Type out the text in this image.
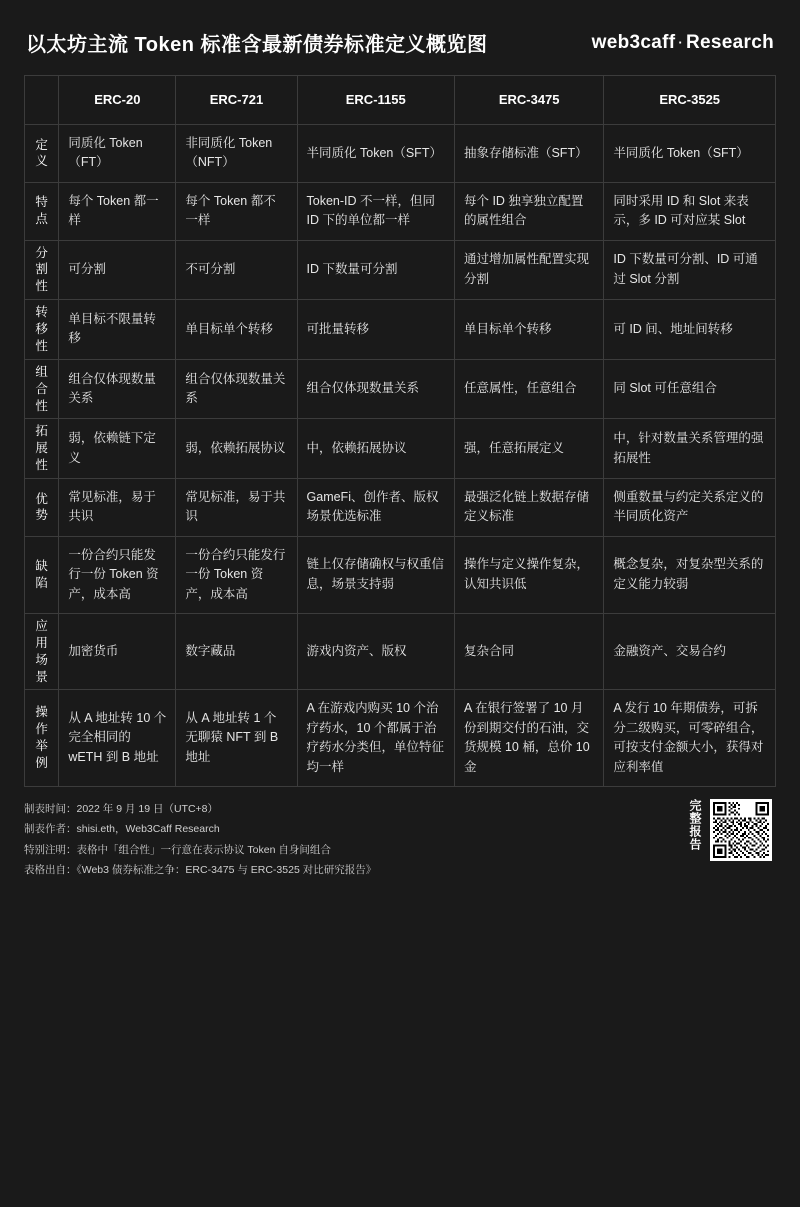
以太坊主流 Token 标准含最新债券标准定义概览图	web3caff · Research
	ERC-20	ERC-721	ERC-1155	ERC-3475	ERC-3525

定
义	同质化 Token（FT）	非同质化 Token（NFT）	半同质化 Token（SFT）	抽象存储标准（SFT）	半同质化 Token（SFT）

特
点	每个 Token 都一样	每个 Token 都不一样	Token-ID 不一样，但同 ID 下的单位都一样	每个 ID 独享独立配置的属性组合	同时采用 ID 和 Slot 来表示，多 ID 可对应某 Slot

分
割
性	可分割	不可分割	ID 下数量可分割	通过增加属性配置实现分割	ID 下数量可分割、ID 可通过 Slot 分割

转
移
性	单目标不限量转移	单目标单个转移	可批量转移	单目标单个转移	可 ID 间、地址间转移

组
合
性	组合仅体现数量关系	组合仅体现数量关系	组合仅体现数量关系	任意属性，任意组合	同 Slot 可任意组合

拓
展
性	弱，依赖链下定义	弱，依赖拓展协议	中，依赖拓展协议	强，任意拓展定义	中，针对数量关系管理的强拓展性

优
势	常见标准，易于共识	常见标准，易于共识	GameFi、创作者、版权场景优选标准	最强泛化链上数据存储定义标准	侧重数量与约定关系定义的半同质化资产

缺
陷	一份合约只能发行一份 Token 资产，成本高	一份合约只能发行一份 Token 资产，成本高	链上仅存储确权与权重信息，场景支持弱	操作与定义操作复杂，认知共识低	概念复杂，对复杂型关系的定义能力较弱

应
用
场
景	加密货币	数字藏品	游戏内资产、版权	复杂合同	金融资产、交易合约

操
作
举
例	从 A 地址转 10 个完全相同的 wETH 到 B 地址	从 A 地址转 1 个无聊猿 NFT 到 B 地址	A 在游戏内购买 10 个治疗药水，10 个都属于治疗药水分类但，单位特征均一样	A 在银行签署了 10 月份到期交付的石油，交货规模 10 桶，总价 10 金	A 发行 10 年期债券，可拆分二级购买，可零碎组合，可按支付金额大小，获得对应利率值
制表时间：2022 年 9 月 19 日（UTC+8）
制表作者：shisi.eth，Web3Caff Research
特别注明：表格中「组合性」一行意在表示协议 Token 自身间组合
表格出自：《Web3 债券标准之争：ERC-3475 与 ERC-3525 对比研究报告》
完整报告
